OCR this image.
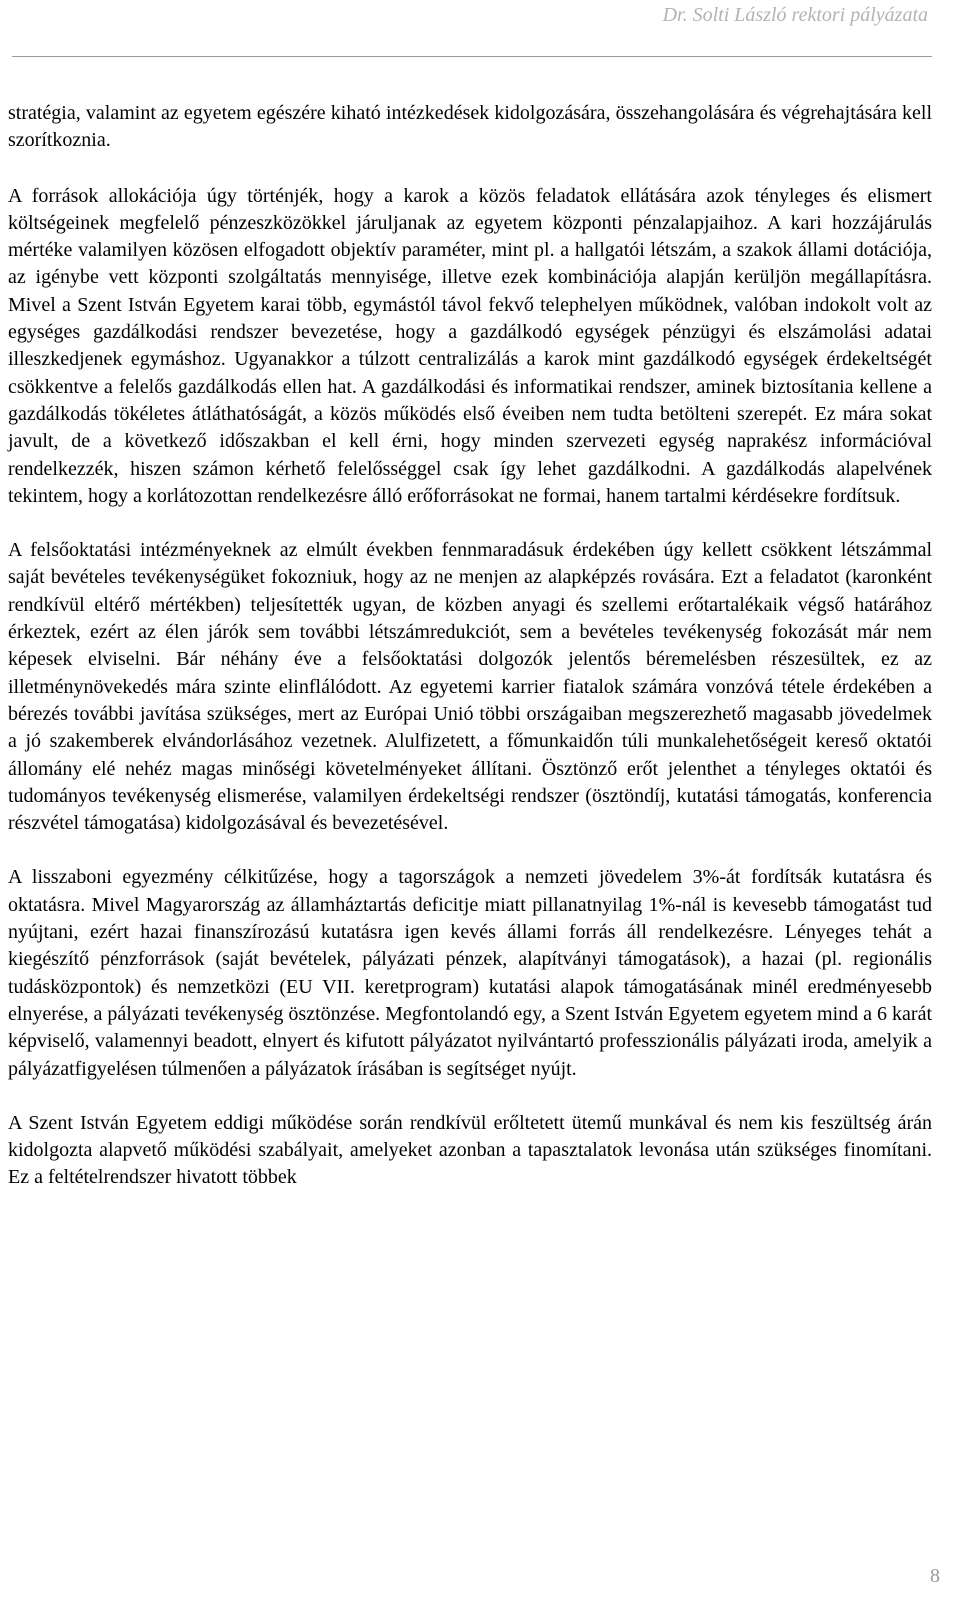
Dr. Solti László rektori pályázata

stratégia, valamint az egyetem egészére kiható intézkedések kidolgozására, összehangolására és végrehajtására kell szorítkoznia.

A források allokációja úgy történjék, hogy a karok a közös feladatok ellátására azok tényleges és elismert költségeinek megfelelő pénzeszközökkel járuljanak az egyetem központi pénzalapjaihoz. A kari hozzájárulás mértéke valamilyen közösen elfogadott objektív paraméter, mint pl. a hallgatói létszám, a szakok állami dotációja, az igénybe vett központi szolgáltatás mennyisége, illetve ezek kombinációja alapján kerüljön megállapításra. Mivel a Szent István Egyetem karai több, egymástól távol fekvő telephelyen működnek, valóban indokolt volt az egységes gazdálkodási rendszer bevezetése, hogy a gazdálkodó egységek pénzügyi és elszámolási adatai illeszkedjenek egymáshoz. Ugyanakkor a túlzott centralizálás a karok mint gazdálkodó egységek érdekeltségét csökkentve a felelős gazdálkodás ellen hat. A gazdálkodási és informatikai rendszer, aminek biztosítania kellene a gazdálkodás tökéletes átláthatóságát, a közös működés első éveiben nem tudta betölteni szerepét. Ez mára sokat javult, de a következő időszakban el kell érni, hogy minden szervezeti egység naprakész információval rendelkezzék, hiszen számon kérhető felelősséggel csak így lehet gazdálkodni. A gazdálkodás alapelvének tekintem, hogy a korlátozottan rendelkezésre álló erőforrásokat ne formai, hanem tartalmi kérdésekre fordítsuk.

A felsőoktatási intézményeknek az elmúlt években fennmaradásuk érdekében úgy kellett csökkent létszámmal saját bevételes tevékenységüket fokozniuk, hogy az ne menjen az alapképzés rovására. Ezt a feladatot (karonként rendkívül eltérő mértékben) teljesítették ugyan, de közben anyagi és szellemi erőtartalékaik végső határához érkeztek, ezért az élen járók sem további létszámredukciót, sem a bevételes tevékenység fokozását már nem képesek elviselni. Bár néhány éve a felsőoktatási dolgozók jelentős béremelésben részesültek, ez az illetménynövekedés mára szinte elinflálódott. Az egyetemi karrier fiatalok számára vonzóvá tétele érdekében a bérezés további javítása szükséges, mert az Európai Unió többi országaiban megszerezhető magasabb jövedelmek a jó szakemberek elvándorlásához vezetnek. Alulfizetett, a főmunkaidőn túli munkalehetőségeit kereső oktatói állomány elé nehéz magas minőségi követelményeket állítani. Ösztönző erőt jelenthet a tényleges oktatói és tudományos tevékenység elismerése, valamilyen érdekeltségi rendszer (ösztöndíj, kutatási támogatás, konferencia részvétel támogatása) kidolgozásával és bevezetésével.

A lisszaboni egyezmény célkitűzése, hogy a tagországok a nemzeti jövedelem 3%-át fordítsák kutatásra és oktatásra. Mivel Magyarország az államháztartás deficitje miatt pillanatnyilag 1%-nál is kevesebb támogatást tud nyújtani, ezért hazai finanszírozású kutatásra igen kevés állami forrás áll rendelkezésre. Lényeges tehát a kiegészítő pénzforrások (saját bevételek, pályázati pénzek, alapítványi támogatások), a hazai (pl. regionális tudásközpontok) és nemzetközi (EU VII. keretprogram) kutatási alapok támogatásának minél eredményesebb elnyerése, a pályázati tevékenység ösztönzése. Megfontolandó egy, a Szent István Egyetem egyetem mind a 6 karát képviselő, valamennyi beadott, elnyert és kifutott pályázatot nyilvántartó professzionális pályázati iroda, amelyik a pályázatfigyelésen túlmenően a pályázatok írásában is segítséget nyújt.

A Szent István Egyetem eddigi működése során rendkívül erőltetett ütemű munkával és nem kis feszültség árán kidolgozta alapvető működési szabályait, amelyeket azonban a tapasztalatok levonása után szükséges finomítani. Ez a feltételrendszer hivatott többek

8
